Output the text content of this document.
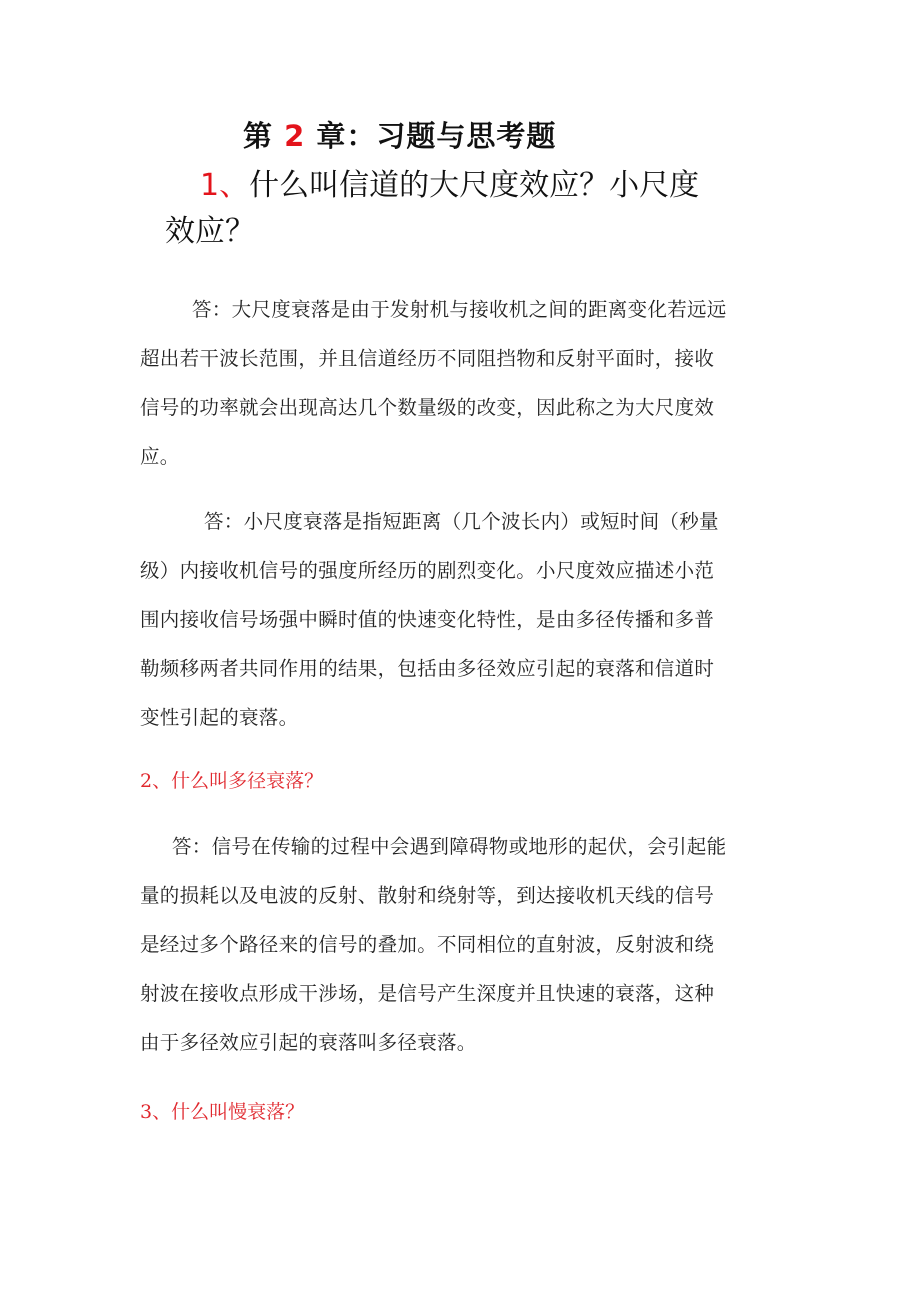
第 2 章：习题与思考题
1、什么叫信道的大尺度效应？小尺度
效应？
答：大尺度衰落是由于发射机与接收机之间的距离变化若远远
超出若干波长范围，并且信道经历不同阻挡物和反射平面时，接收
信号的功率就会出现高达几个数量级的改变，因此称之为大尺度效
应。
答：小尺度衰落是指短距离（几个波长内）或短时间（秒量
级）内接收机信号的强度所经历的剧烈变化。小尺度效应描述小范
围内接收信号场强中瞬时值的快速变化特性，是由多径传播和多普
勒频移两者共同作用的结果，包括由多径效应引起的衰落和信道时
变性引起的衰落。
2、什么叫多径衰落？
答：信号在传输的过程中会遇到障碍物或地形的起伏，会引起能
量的损耗以及电波的反射、散射和绕射等，到达接收机天线的信号
是经过多个路径来的信号的叠加。不同相位的直射波，反射波和绕
射波在接收点形成干涉场，是信号产生深度并且快速的衰落，这种
由于多径效应引起的衰落叫多径衰落。
3、什么叫慢衰落？
